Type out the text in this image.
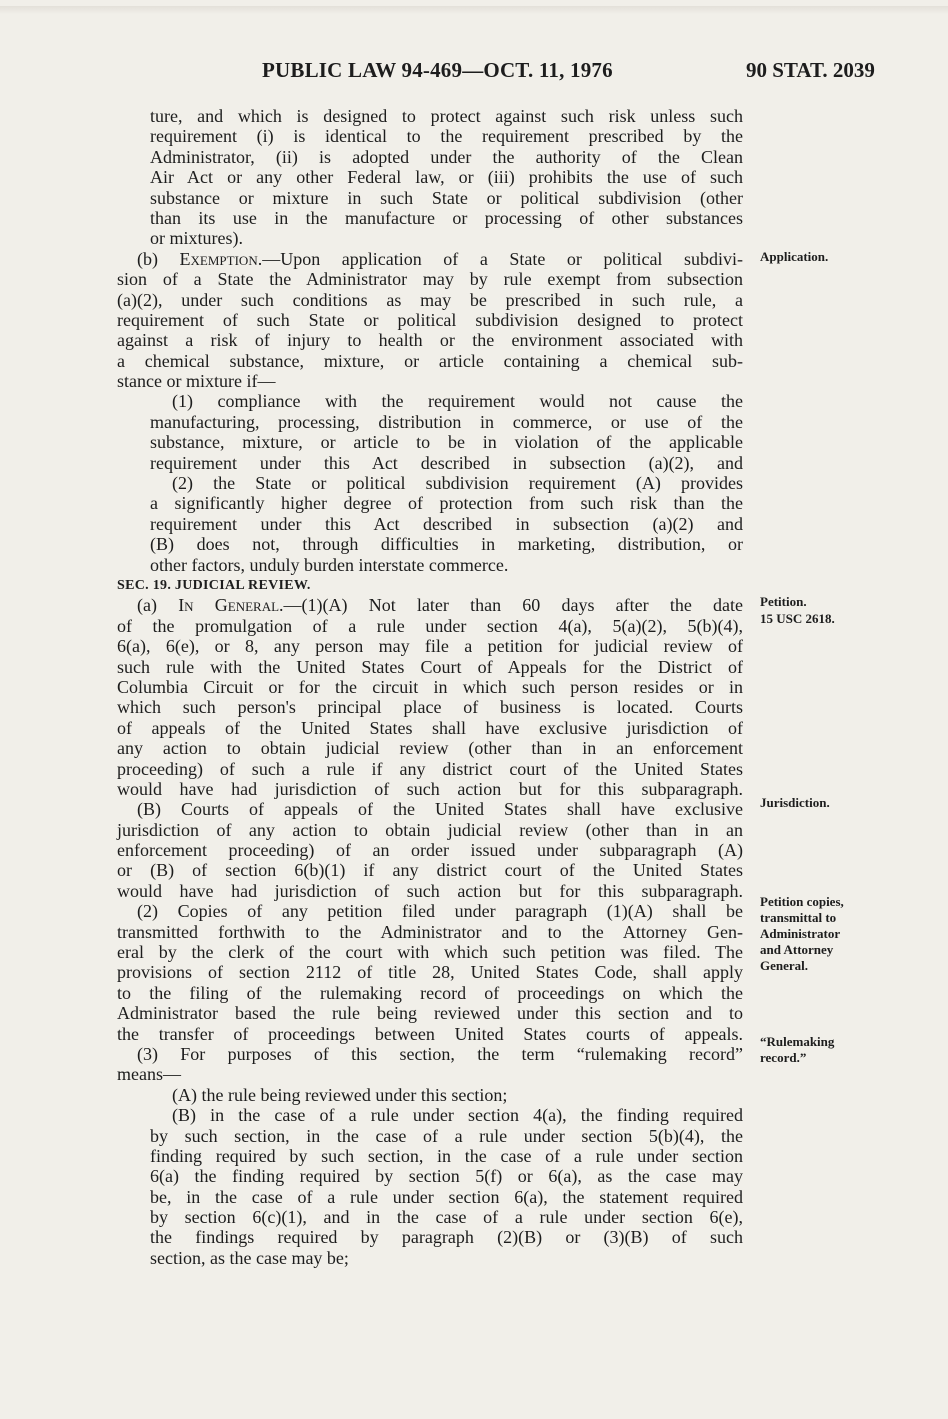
PUBLIC LAW 94-469—OCT. 11, 1976	90 STAT. 2039
ture, and which is designed to protect against such risk unless such
requirement (i) is identical to the requirement prescribed by the
Administrator, (ii) is adopted under the authority of the Clean
Air Act or any other Federal law, or (iii) prohibits the use of such
substance or mixture in such State or political subdivision (other
than its use in the manufacture or processing of other substances
or mixtures).
(b) Exemption.—Upon application of a State or political subdivi-
sion of a State the Administrator may by rule exempt from subsection
(a)(2), under such conditions as may be prescribed in such rule, a
requirement of such State or political subdivision designed to protect
against a risk of injury to health or the environment associated with
a chemical substance, mixture, or article containing a chemical sub-
stance or mixture if—
(1) compliance with the requirement would not cause the
manufacturing, processing, distribution in commerce, or use of the
substance, mixture, or article to be in violation of the applicable
requirement under this Act described in subsection (a)(2), and
(2) the State or political subdivision requirement (A) provides
a significantly higher degree of protection from such risk than the
requirement under this Act described in subsection (a)(2) and
(B) does not, through difficulties in marketing, distribution, or
other factors, unduly burden interstate commerce.
SEC. 19. JUDICIAL REVIEW.
(a) In General.—(1)(A) Not later than 60 days after the date
of the promulgation of a rule under section 4(a), 5(a)(2), 5(b)(4),
6(a), 6(e), or 8, any person may file a petition for judicial review of
such rule with the United States Court of Appeals for the District of
Columbia Circuit or for the circuit in which such person resides or in
which such person's principal place of business is located. Courts
of appeals of the United States shall have exclusive jurisdiction of
any action to obtain judicial review (other than in an enforcement
proceeding) of such a rule if any district court of the United States
would have had jurisdiction of such action but for this subparagraph.
(B) Courts of appeals of the United States shall have exclusive
jurisdiction of any action to obtain judicial review (other than in an
enforcement proceeding) of an order issued under subparagraph (A)
or (B) of section 6(b)(1) if any district court of the United States
would have had jurisdiction of such action but for this subparagraph.
(2) Copies of any petition filed under paragraph (1)(A) shall be
transmitted forthwith to the Administrator and to the Attorney Gen-
eral by the clerk of the court with which such petition was filed. The
provisions of section 2112 of title 28, United States Code, shall apply
to the filing of the rulemaking record of proceedings on which the
Administrator based the rule being reviewed under this section and to
the transfer of proceedings between United States courts of appeals.
(3) For purposes of this section, the term “rulemaking record”
means—
(A) the rule being reviewed under this section;
(B) in the case of a rule under section 4(a), the finding required
by such section, in the case of a rule under section 5(b)(4), the
finding required by such section, in the case of a rule under section
6(a) the finding required by section 5(f) or 6(a), as the case may
be, in the case of a rule under section 6(a), the statement required
by section 6(c)(1), and in the case of a rule under section 6(e),
the findings required by paragraph (2)(B) or (3)(B) of such
section, as the case may be;
Application.
Petition.
15 USC 2618.
Jurisdiction.
Petition copies,
transmittal to
Administrator
and Attorney
General.
“Rulemaking
record.”
